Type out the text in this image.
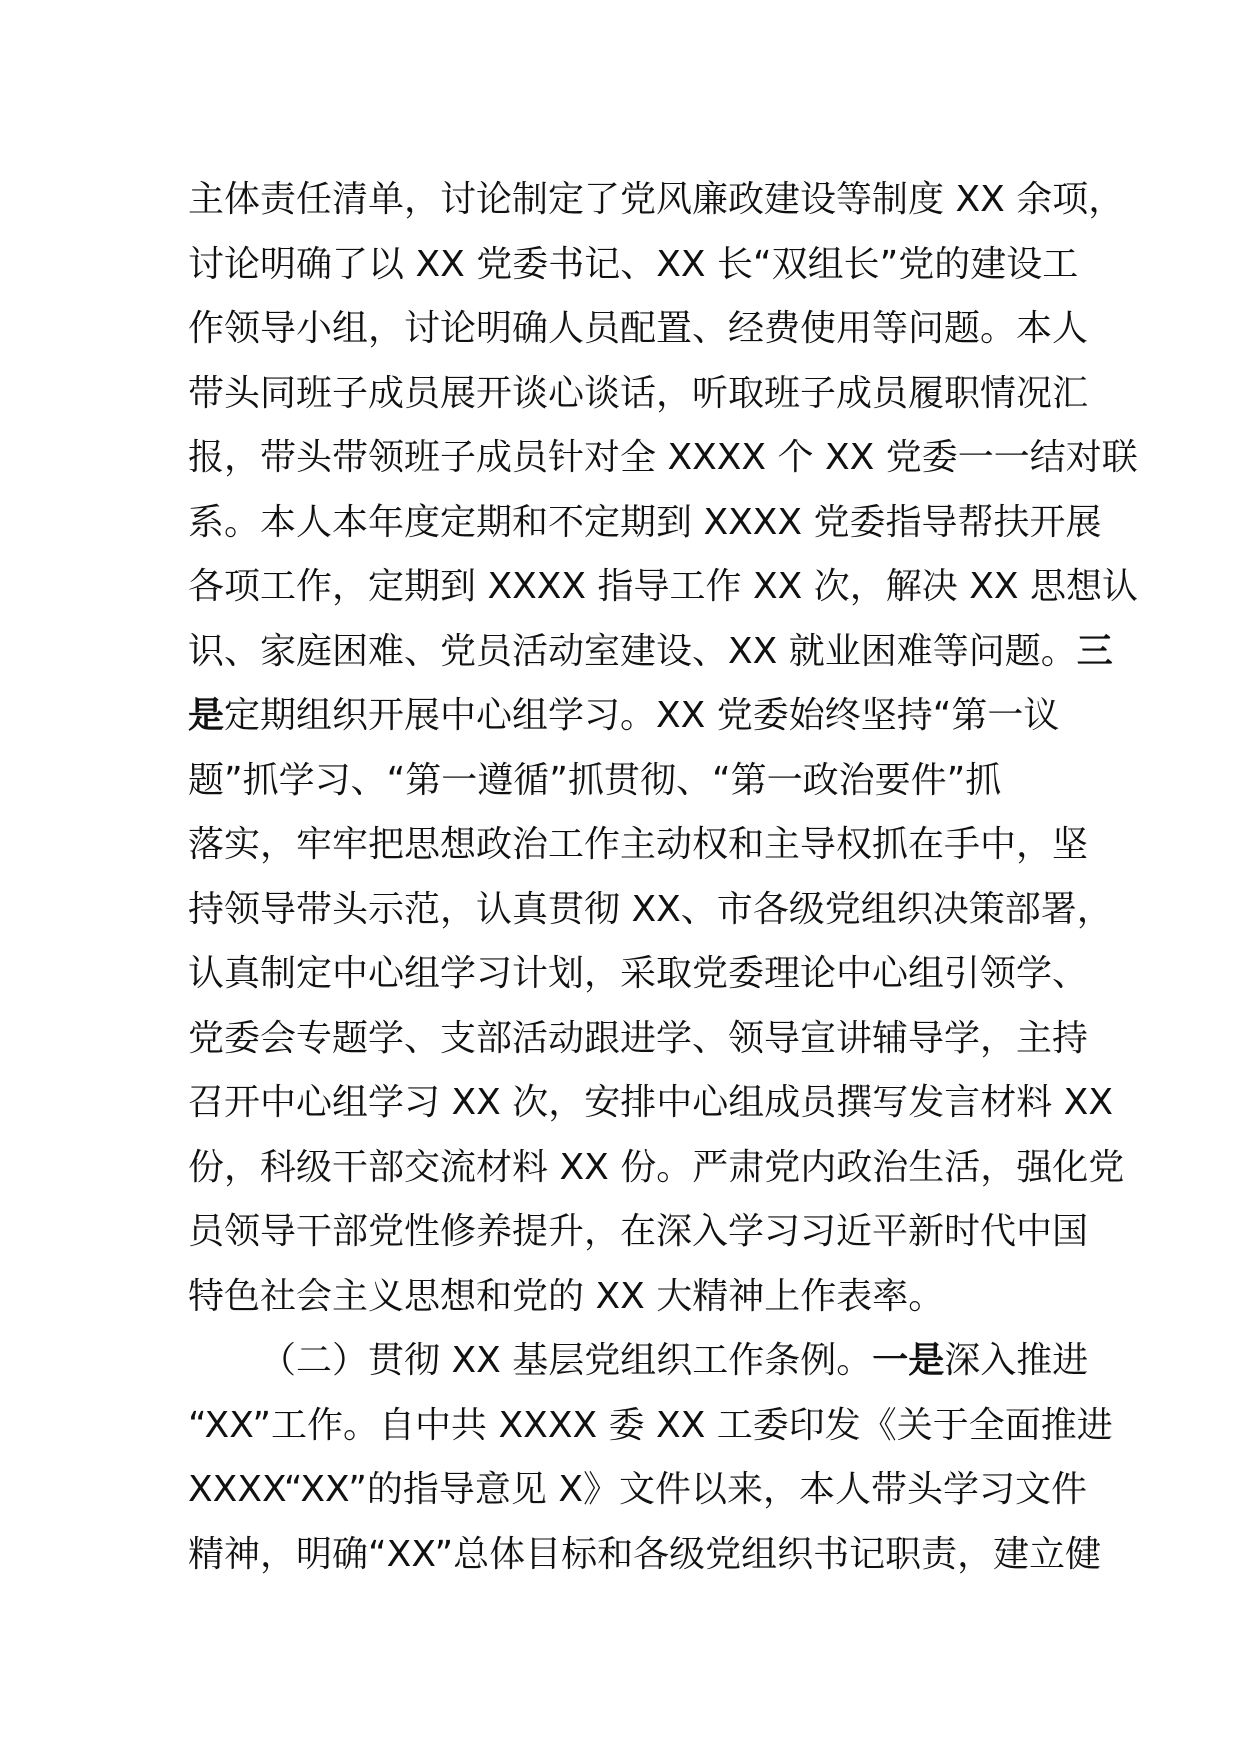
主体责任清单，讨论制定了党风廉政建设等制度 XX 余项，
讨论明确了以 XX 党委书记、XX 长“双组长”党的建设工
作领导小组，讨论明确人员配置、经费使用等问题。本人
带头同班子成员展开谈心谈话，听取班子成员履职情况汇
报，带头带领班子成员针对全 XXXX 个 XX 党委一一结对联
系。本人本年度定期和不定期到 XXXX 党委指导帮扶开展
各项工作，定期到 XXXX 指导工作 XX 次，解决 XX 思想认
识、家庭困难、党员活动室建设、XX 就业困难等问题。三
是定期组织开展中心组学习。XX 党委始终坚持“第一议
题”抓学习、“第一遵循”抓贯彻、“第一政治要件”抓
落实，牢牢把思想政治工作主动权和主导权抓在手中，坚
持领导带头示范，认真贯彻 XX、市各级党组织决策部署，
认真制定中心组学习计划，采取党委理论中心组引领学、
党委会专题学、支部活动跟进学、领导宣讲辅导学，主持
召开中心组学习 XX 次，安排中心组成员撰写发言材料 XX
份，科级干部交流材料 XX 份。严肃党内政治生活，强化党
员领导干部党性修养提升，在深入学习习近平新时代中国
特色社会主义思想和党的 XX 大精神上作表率。
（二）贯彻 XX 基层党组织工作条例。一是深入推进
“XX”工作。自中共 XXXX 委 XX 工委印发《关于全面推进
XXXX“XX”的指导意见 X》文件以来，本人带头学习文件
精神，明确“XX”总体目标和各级党组织书记职责，建立健
